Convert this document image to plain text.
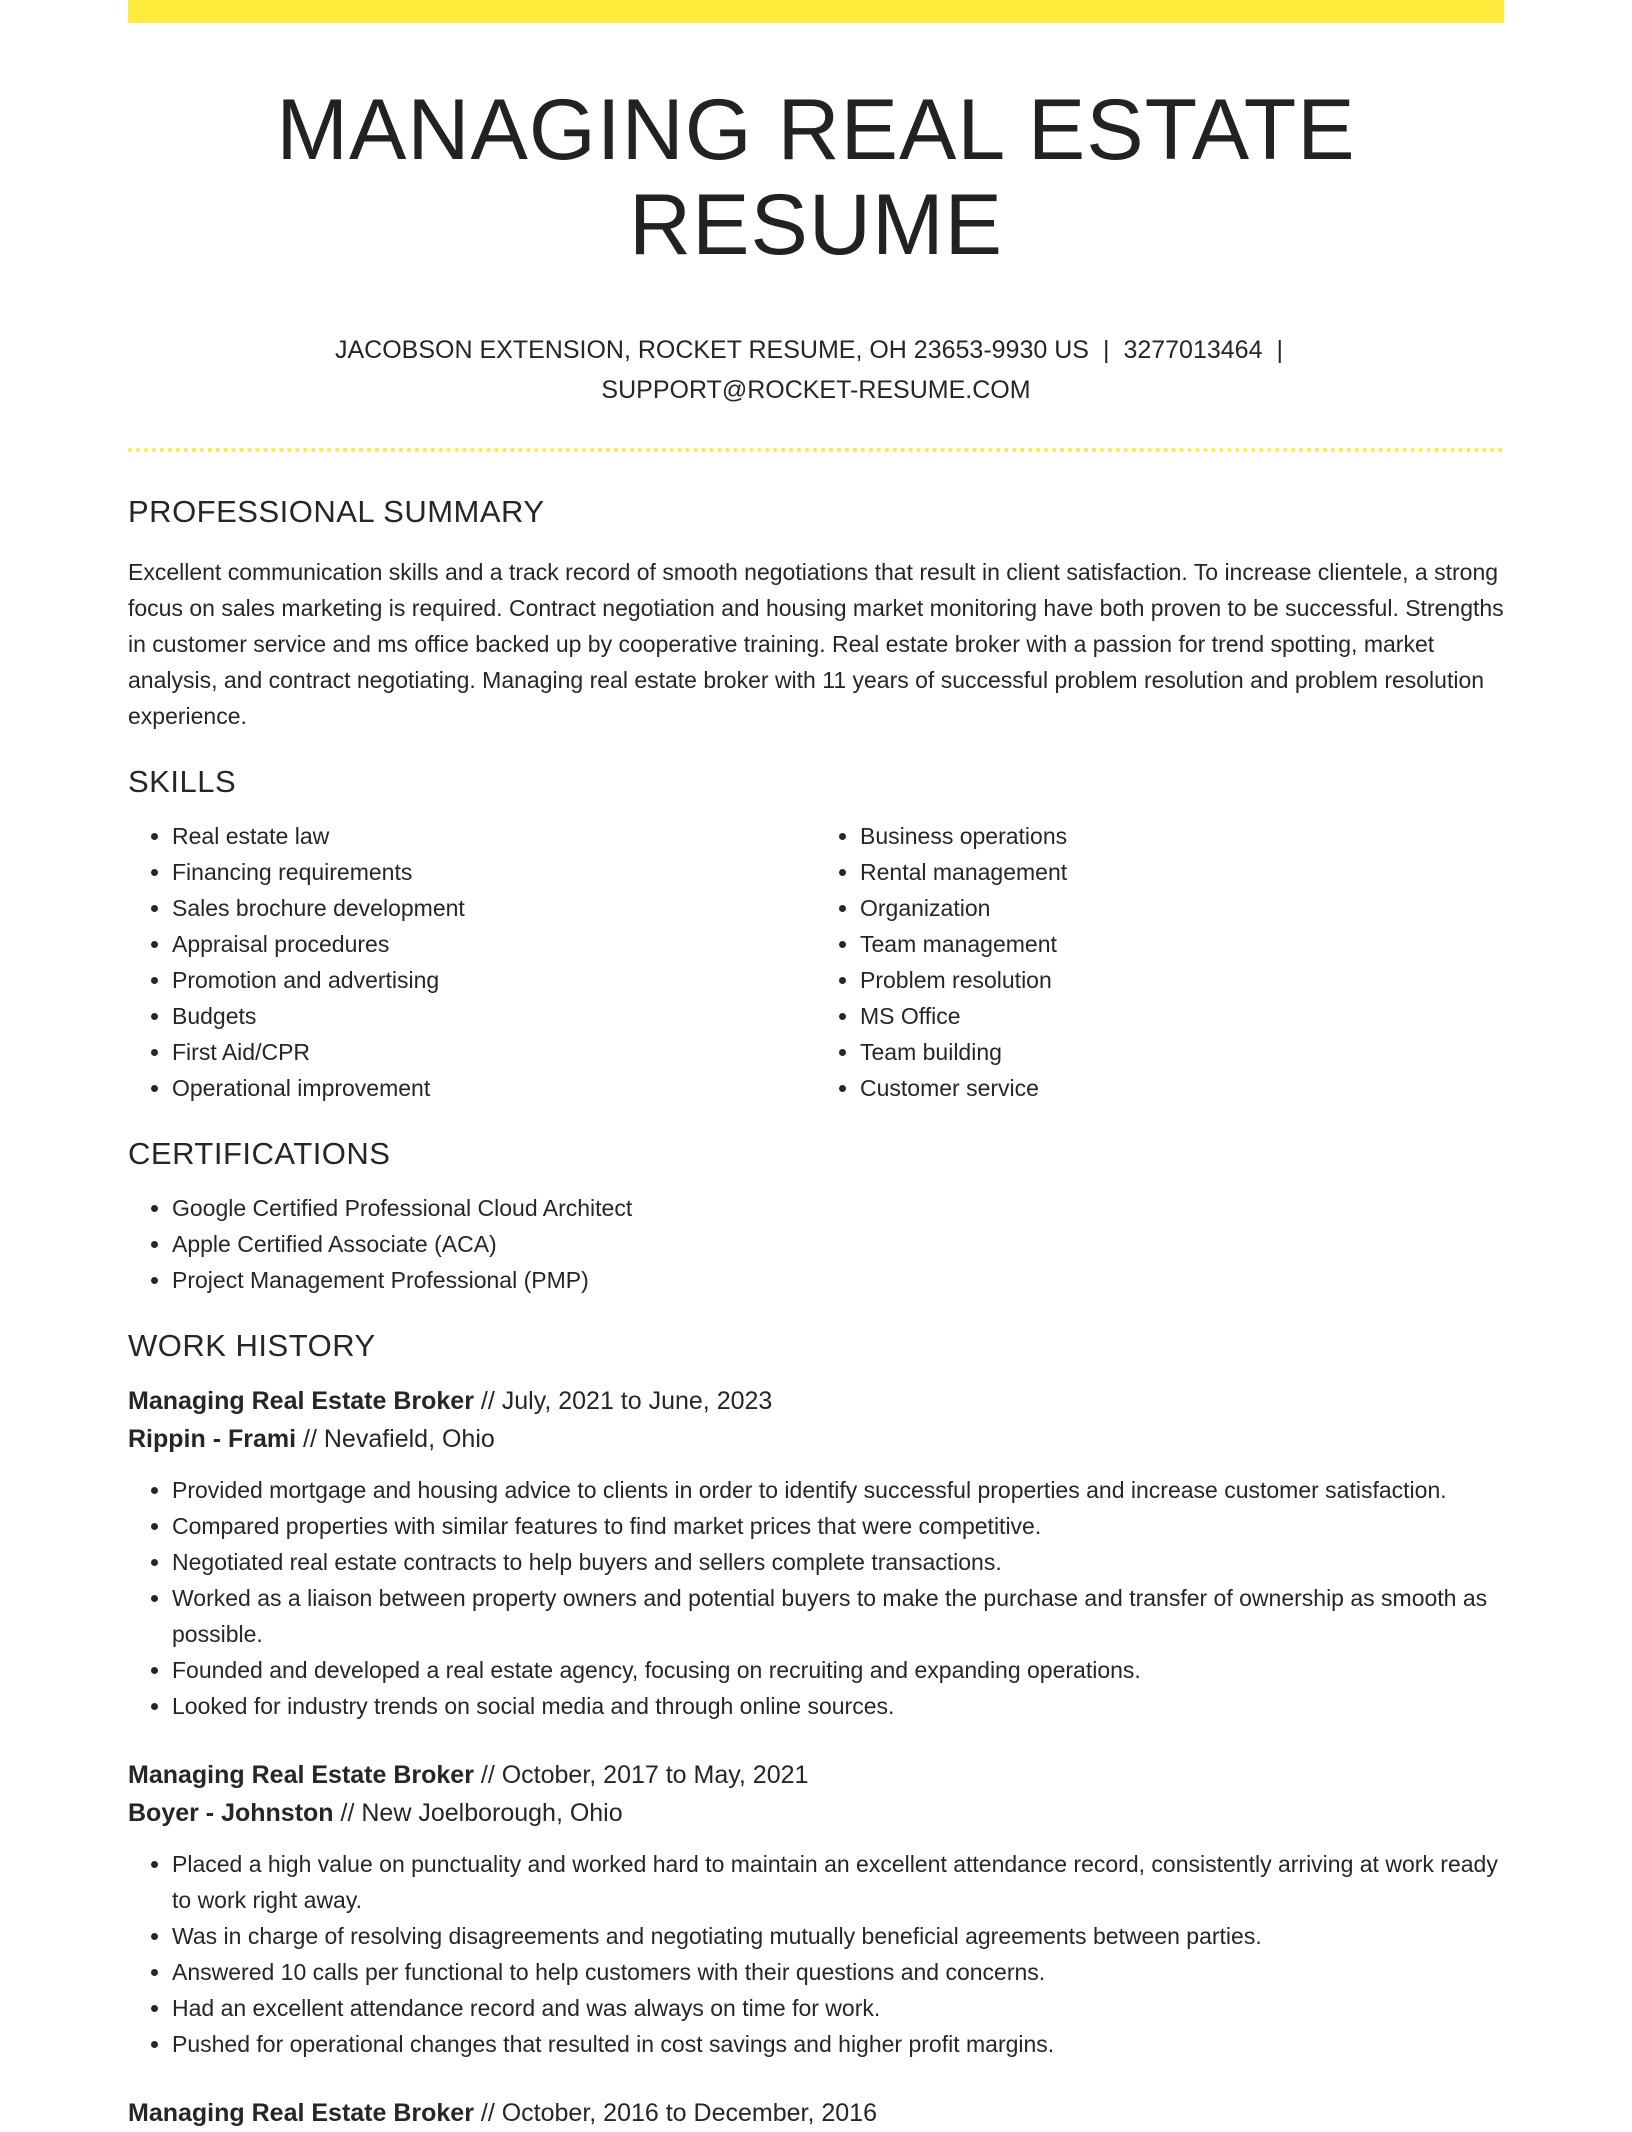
MANAGING REAL ESTATE RESUME
JACOBSON EXTENSION, ROCKET RESUME, OH 23653-9930 US | 3277013464 |
SUPPORT@ROCKET-RESUME.COM
PROFESSIONAL SUMMARY

Excellent communication skills and a track record of smooth negotiations that result in client satisfaction. To increase clientele, a strong focus on sales marketing is required. Contract negotiation and housing market monitoring have both proven to be successful. Strengths in customer service and ms office backed up by cooperative training. Real estate broker with a passion for trend spotting, market analysis, and contract negotiating. Managing real estate broker with 11 years of successful problem resolution and problem resolution experience.

SKILLS
• Real estate law
• Financing requirements
• Sales brochure development
• Appraisal procedures
• Promotion and advertising
• Budgets
• First Aid/CPR
• Operational improvement
• Business operations
• Rental management
• Organization
• Team management
• Problem resolution
• MS Office
• Team building
• Customer service
CERTIFICATIONS
• Google Certified Professional Cloud Architect
• Apple Certified Associate (ACA)
• Project Management Professional (PMP)
WORK HISTORY
Managing Real Estate Broker // July, 2021 to June, 2023
Rippin - Frami // Nevafield, Ohio
• Provided mortgage and housing advice to clients in order to identify successful properties and increase customer satisfaction.
• Compared properties with similar features to find market prices that were competitive.
• Negotiated real estate contracts to help buyers and sellers complete transactions.
• Worked as a liaison between property owners and potential buyers to make the purchase and transfer of ownership as smooth as possible.
• Founded and developed a real estate agency, focusing on recruiting and expanding operations.
• Looked for industry trends on social media and through online sources.
Managing Real Estate Broker // October, 2017 to May, 2021
Boyer - Johnston // New Joelborough, Ohio
• Placed a high value on punctuality and worked hard to maintain an excellent attendance record, consistently arriving at work ready to work right away.
• Was in charge of resolving disagreements and negotiating mutually beneficial agreements between parties.
• Answered 10 calls per functional to help customers with their questions and concerns.
• Had an excellent attendance record and was always on time for work.
• Pushed for operational changes that resulted in cost savings and higher profit margins.
Managing Real Estate Broker // October, 2016 to December, 2016
